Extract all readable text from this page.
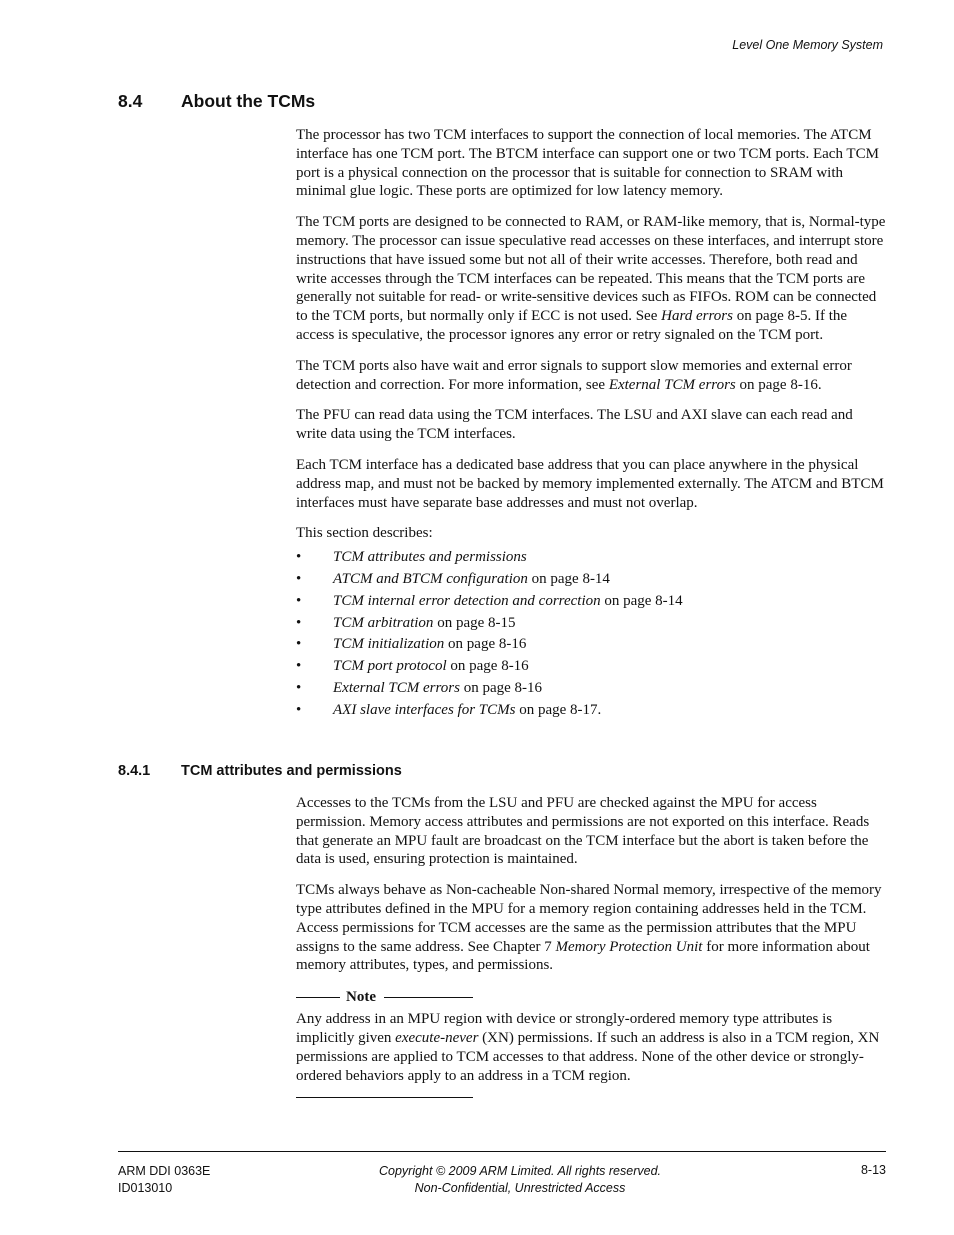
Level One Memory System
8.4 About the TCMs

The processor has two TCM interfaces to support the connection of local memories. The ATCM interface has one TCM port. The BTCM interface can support one or two TCM ports. Each TCM port is a physical connection on the processor that is suitable for connection to SRAM with minimal glue logic. These ports are optimized for low latency memory.

The TCM ports are designed to be connected to RAM, or RAM-like memory, that is, Normal-type memory. The processor can issue speculative read accesses on these interfaces, and interrupt store instructions that have issued some but not all of their write accesses. Therefore, both read and write accesses through the TCM interfaces can be repeated. This means that the TCM ports are generally not suitable for read- or write-sensitive devices such as FIFOs. ROM can be connected to the TCM ports, but normally only if ECC is not used. See Hard errors on page 8-5. If the access is speculative, the processor ignores any error or retry signaled on the TCM port.

The TCM ports also have wait and error signals to support slow memories and external error detection and correction. For more information, see External TCM errors on page 8-16.

The PFU can read data using the TCM interfaces. The LSU and AXI slave can each read and write data using the TCM interfaces.

Each TCM interface has a dedicated base address that you can place anywhere in the physical address map, and must not be backed by memory implemented externally. The ATCM and BTCM interfaces must have separate base addresses and must not overlap.

This section describes:

• TCM attributes and permissions
• ATCM and BTCM configuration on page 8-14
• TCM internal error detection and correction on page 8-14
• TCM arbitration on page 8-15
• TCM initialization on page 8-16
• TCM port protocol on page 8-16
• External TCM errors on page 8-16
• AXI slave interfaces for TCMs on page 8-17.
8.4.1 TCM attributes and permissions

Accesses to the TCMs from the LSU and PFU are checked against the MPU for access permission. Memory access attributes and permissions are not exported on this interface. Reads that generate an MPU fault are broadcast on the TCM interface but the abort is taken before the data is used, ensuring protection is maintained.

TCMs always behave as Non-cacheable Non-shared Normal memory, irrespective of the memory type attributes defined in the MPU for a memory region containing addresses held in the TCM. Access permissions for TCM accesses are the same as the permission attributes that the MPU assigns to the same address. See Chapter 7 Memory Protection Unit for more information about memory attributes, types, and permissions.

Note

Any address in an MPU region with device or strongly-ordered memory type attributes is implicitly given execute-never (XN) permissions. If such an address is also in a TCM region, XN permissions are applied to TCM accesses to that address. None of the other device or strongly-ordered behaviors apply to an address in a TCM region.

ARM DDI 0363E
ID013010
Copyright © 2009 ARM Limited. All rights reserved.
Non-Confidential, Unrestricted Access
8-13
